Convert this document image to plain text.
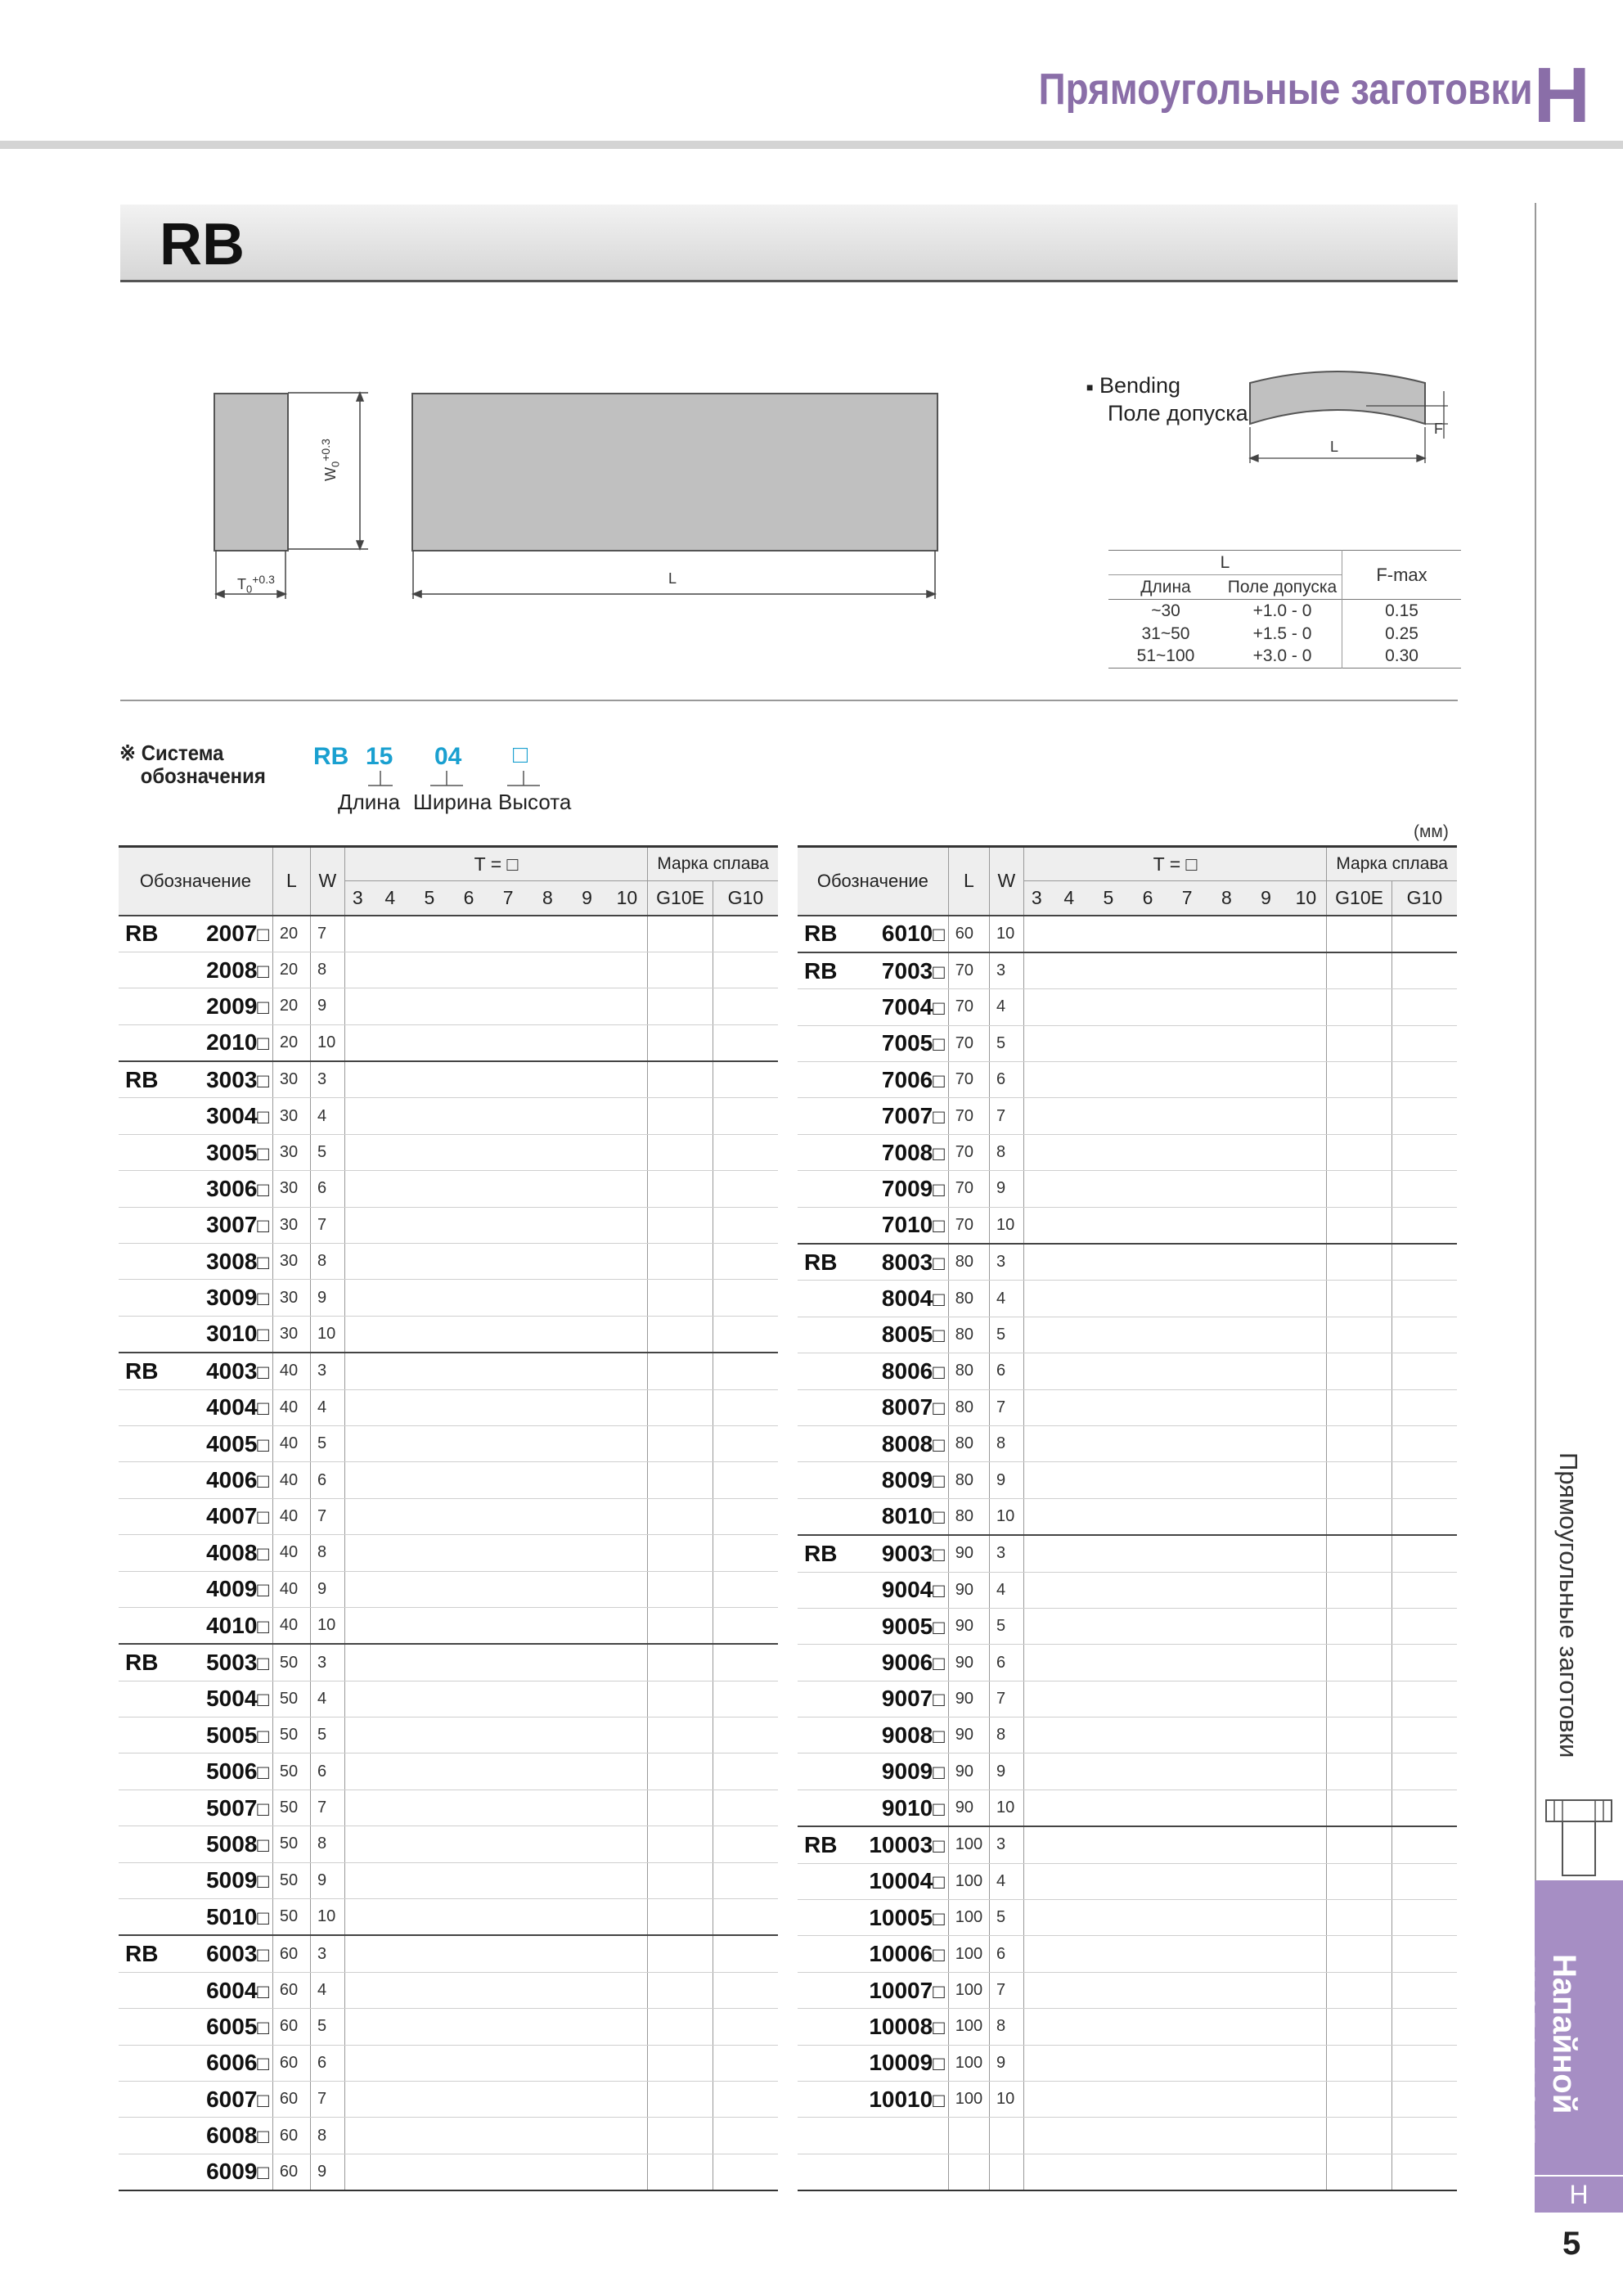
Прямоугольные заготовки H
RB
$T_0^{+0.3}$
$W_0^{+0.3}$
L
■ Bending
Поле допуска
L
F
L		F-max
Длина	Поле допуска	
~30	+1.0 - 0	0.15
31~50	+1.5 - 0	0.25
51~100	+3.0 - 0	0.30
※ Система
обозначения
RB 15 04 □
Длина Ширина Высота
(мм)
Обозначение	L	W	T = □								Марка сплава	
			3	4	5	6	7	8	9	10	G10E	G10

RB 2007□	20	7										

2008□	20	8										

2009□	20	9										

2010□	20	10										

RB 3003□	30	3										

3004□	30	4										

3005□	30	5										

3006□	30	6										

3007□	30	7										

3008□	30	8										

3009□	30	9										

3010□	30	10										

RB 4003□	40	3										

4004□	40	4										

4005□	40	5										

4006□	40	6										

4007□	40	7										

4008□	40	8										

4009□	40	9										

4010□	40	10										

RB 5003□	50	3										

5004□	50	4										

5005□	50	5										

5006□	50	6										

5007□	50	7										

5008□	50	8										

5009□	50	9										

5010□	50	10										

RB 6003□	60	3										

6004□	60	4										

6005□	60	5										

6006□	60	6										

6007□	60	7										

6008□	60	8										

6009□	60	9										
Обозначение	L	W	T = □								Марка сплава	
			3	4	5	6	7	8	9	10	G10E	G10

RB 6010□	60	10										

RB 7003□	70	3										

7004□	70	4										

7005□	70	5										

7006□	70	6										

7007□	70	7										

7008□	70	8										

7009□	70	9										

7010□	70	10										

RB 8003□	80	3										

8004□	80	4										

8005□	80	5										

8006□	80	6										

8007□	80	7										

8008□	80	8										

8009□	80	9										

8010□	80	10										

RB 9003□	90	3										

9004□	90	4										

9005□	90	5										

9006□	90	6										

9007□	90	7										

9008□	90	8										

9009□	90	9										

9010□	90	10										

RB 10003□	100	3										

10004□	100	4										

10005□	100	5										

10006□	100	6										

10007□	100	7										

10008□	100	8										

10009□	100	9										

10010□	100	10										

Прямоугольные заготовки
Напайной
инструмент
H
5
